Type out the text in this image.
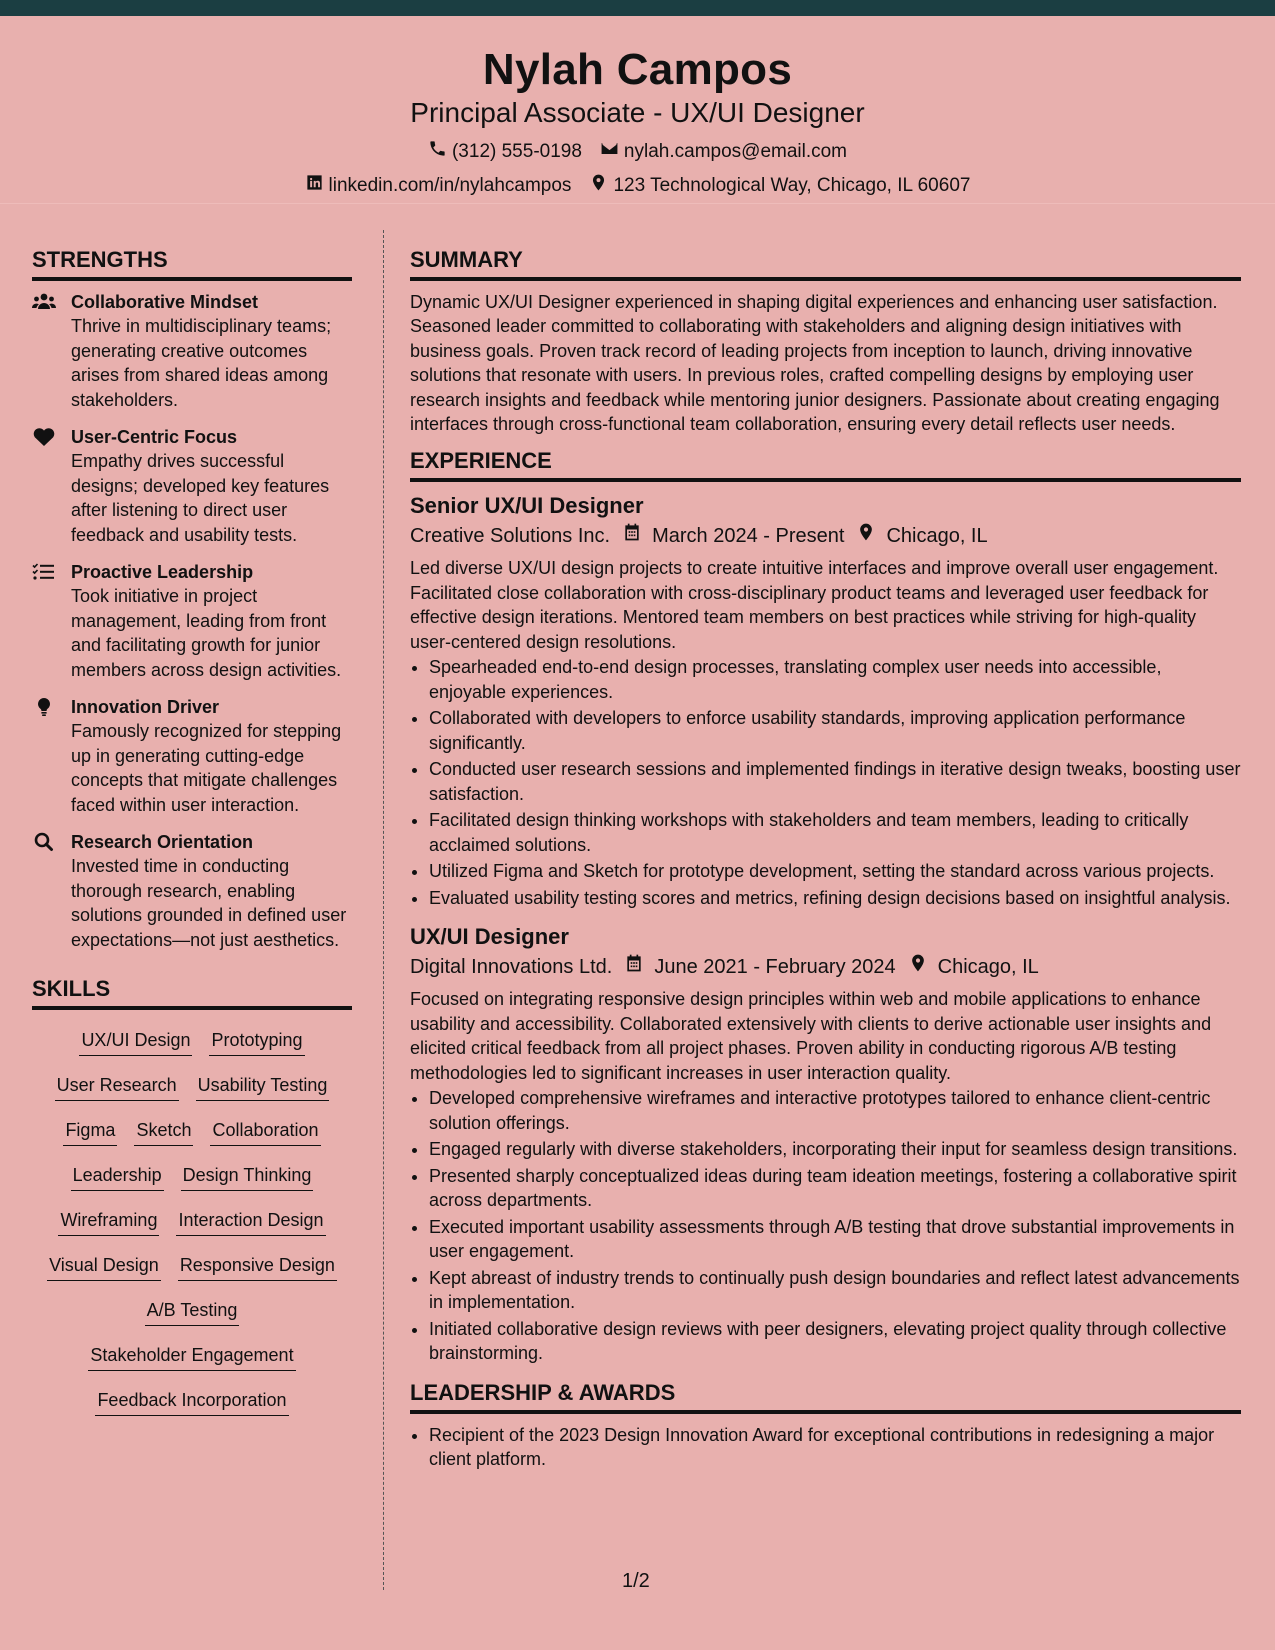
Nylah Campos
Principal Associate - UX/UI Designer
(312) 555-0198 nylah.campos@email.com
linkedin.com/in/nylahcampos 123 Technological Way, Chicago, IL 60607
STRENGTHS
Collaborative Mindset
Thrive in multidisciplinary teams; generating creative outcomes arises from shared ideas among stakeholders.
User-Centric Focus
Empathy drives successful designs; developed key features after listening to direct user feedback and usability tests.
Proactive Leadership
Took initiative in project management, leading from front and facilitating growth for junior members across design activities.
Innovation Driver
Famously recognized for stepping up in generating cutting-edge concepts that mitigate challenges faced within user interaction.
Research Orientation
Invested time in conducting thorough research, enabling solutions grounded in defined user expectations—not just aesthetics.
SKILLS
UX/UI Design Prototyping
User Research Usability Testing
Figma Sketch Collaboration
Leadership Design Thinking
Wireframing Interaction Design
Visual Design Responsive Design
A/B Testing
Stakeholder Engagement
Feedback Incorporation
SUMMARY
Dynamic UX/UI Designer experienced in shaping digital experiences and enhancing user satisfaction. Seasoned leader committed to collaborating with stakeholders and aligning design initiatives with business goals. Proven track record of leading projects from inception to launch, driving innovative solutions that resonate with users. In previous roles, crafted compelling designs by employing user research insights and feedback while mentoring junior designers. Passionate about creating engaging interfaces through cross-functional team collaboration, ensuring every detail reflects user needs.
EXPERIENCE
Senior UX/UI Designer
Creative Solutions Inc. March 2024 - Present Chicago, IL
Led diverse UX/UI design projects to create intuitive interfaces and improve overall user engagement. Facilitated close collaboration with cross-disciplinary product teams and leveraged user feedback for effective design iterations. Mentored team members on best practices while striving for high-quality user-centered design resolutions.
• Spearheaded end-to-end design processes, translating complex user needs into accessible, enjoyable experiences.
• Collaborated with developers to enforce usability standards, improving application performance significantly.
• Conducted user research sessions and implemented findings in iterative design tweaks, boosting user satisfaction.
• Facilitated design thinking workshops with stakeholders and team members, leading to critically acclaimed solutions.
• Utilized Figma and Sketch for prototype development, setting the standard across various projects.
• Evaluated usability testing scores and metrics, refining design decisions based on insightful analysis.
UX/UI Designer
Digital Innovations Ltd. June 2021 - February 2024 Chicago, IL
Focused on integrating responsive design principles within web and mobile applications to enhance usability and accessibility. Collaborated extensively with clients to derive actionable user insights and elicited critical feedback from all project phases. Proven ability in conducting rigorous A/B testing methodologies led to significant increases in user interaction quality.
• Developed comprehensive wireframes and interactive prototypes tailored to enhance client-centric solution offerings.
• Engaged regularly with diverse stakeholders, incorporating their input for seamless design transitions.
• Presented sharply conceptualized ideas during team ideation meetings, fostering a collaborative spirit across departments.
• Executed important usability assessments through A/B testing that drove substantial improvements in user engagement.
• Kept abreast of industry trends to continually push design boundaries and reflect latest advancements in implementation.
• Initiated collaborative design reviews with peer designers, elevating project quality through collective brainstorming.
LEADERSHIP & AWARDS
• Recipient of the 2023 Design Innovation Award for exceptional contributions in redesigning a major client platform.
1/2
